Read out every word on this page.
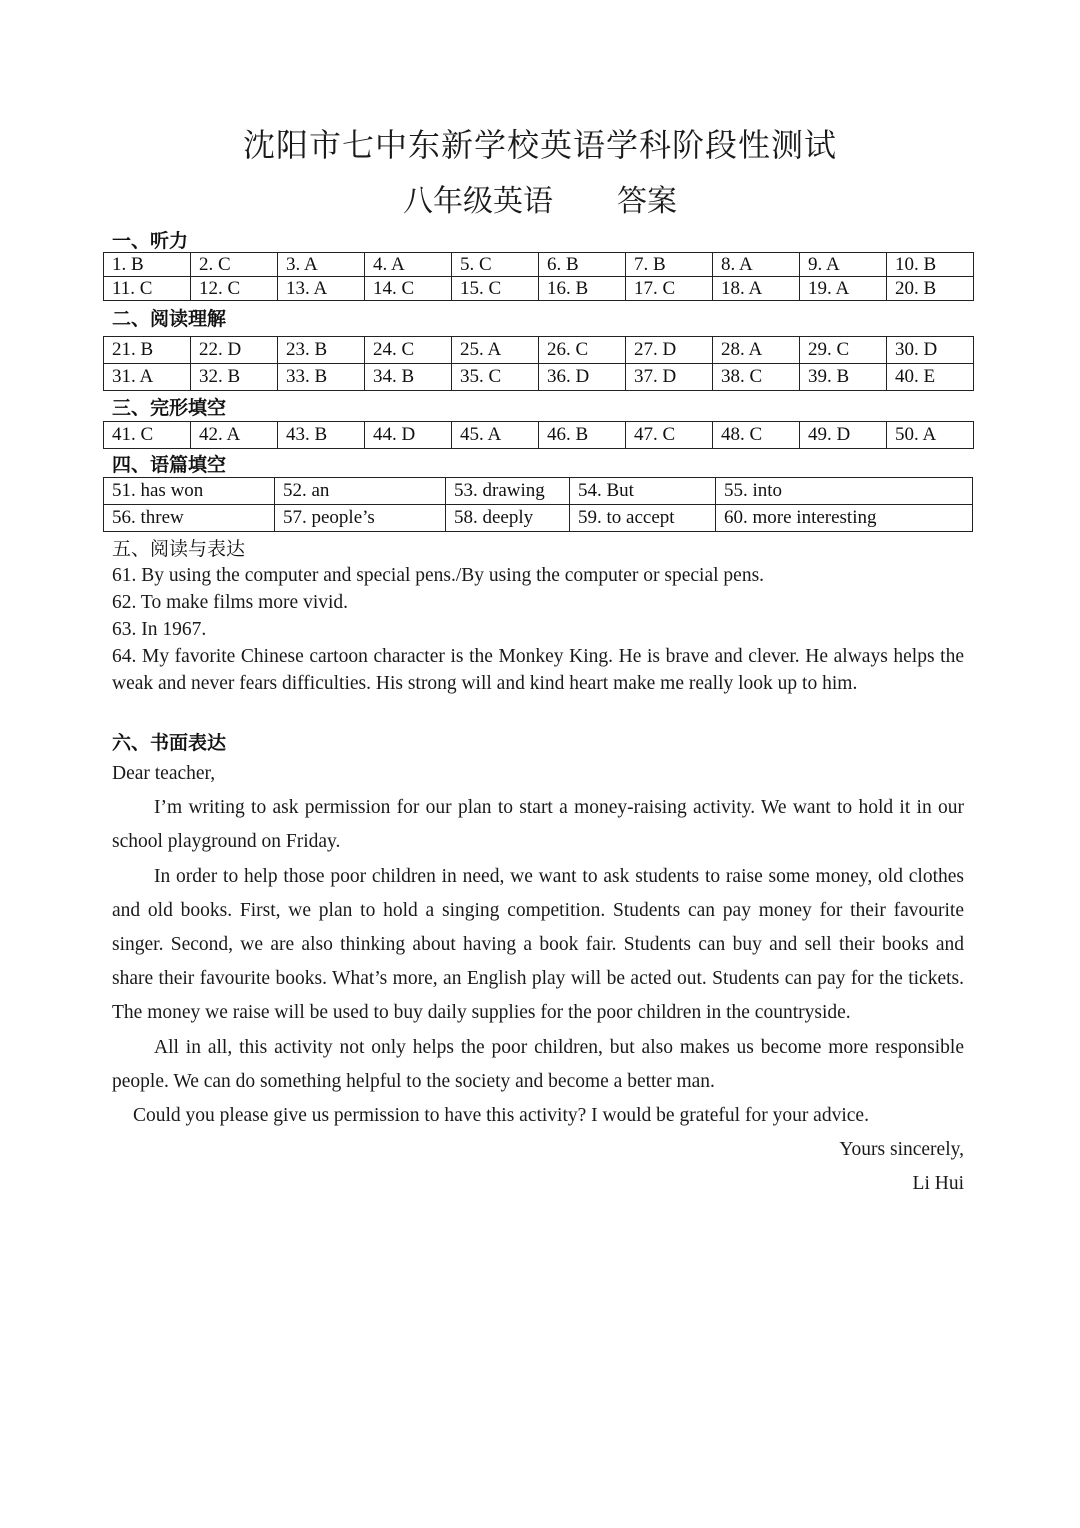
沈阳市七中东新学校英语学科阶段性测试
八年级英语 答案
一、听力
1. B	2. C	3. A	4. A	5. C	6. B	7. B	8. A	9. A	10. B
11. C	12. C	13. A	14. C	15. C	16. B	17. C	18. A	19. A	20. B
二、阅读理解
21. B	22. D	23. B	24. C	25. A	26. C	27. D	28. A	29. C	30. D
31. A	32. B	33. B	34. B	35. C	36. D	37. D	38. C	39. B	40. E
三、完形填空
41. C	42. A	43. B	44. D	45. A	46. B	47. C	48. C	49. D	50. A
四、语篇填空
51. has won	52. an	53. drawing	54. But	55. into
56. threw	57. people’s	58. deeply	59. to accept	60. more interesting
五、阅读与表达
61. By using the computer and special pens./By using the computer or special pens.
62. To make films more vivid.
63. In 1967.
64. My favorite Chinese cartoon character is the Monkey King. He is brave and clever. He always helps the weak and never fears difficulties. His strong will and kind heart make me really look up to him.
六、书面表达

Dear teacher,

I’m writing to ask permission for our plan to start a money-raising activity. We want to hold it in our school playground on Friday.

In order to help those poor children in need, we want to ask students to raise some money, old clothes and old books. First, we plan to hold a singing competition. Students can pay money for their favourite singer. Second, we are also thinking about having a book fair. Students can buy and sell their books and share their favourite books. What’s more, an English play will be acted out. Students can pay for the tickets. The money we raise will be used to buy daily supplies for the poor children in the countryside.

All in all, this activity not only helps the poor children, but also makes us become more responsible people. We can do something helpful to the society and become a better man.

Could you please give us permission to have this activity? I would be grateful for your advice.

Yours sincerely,

Li Hui
